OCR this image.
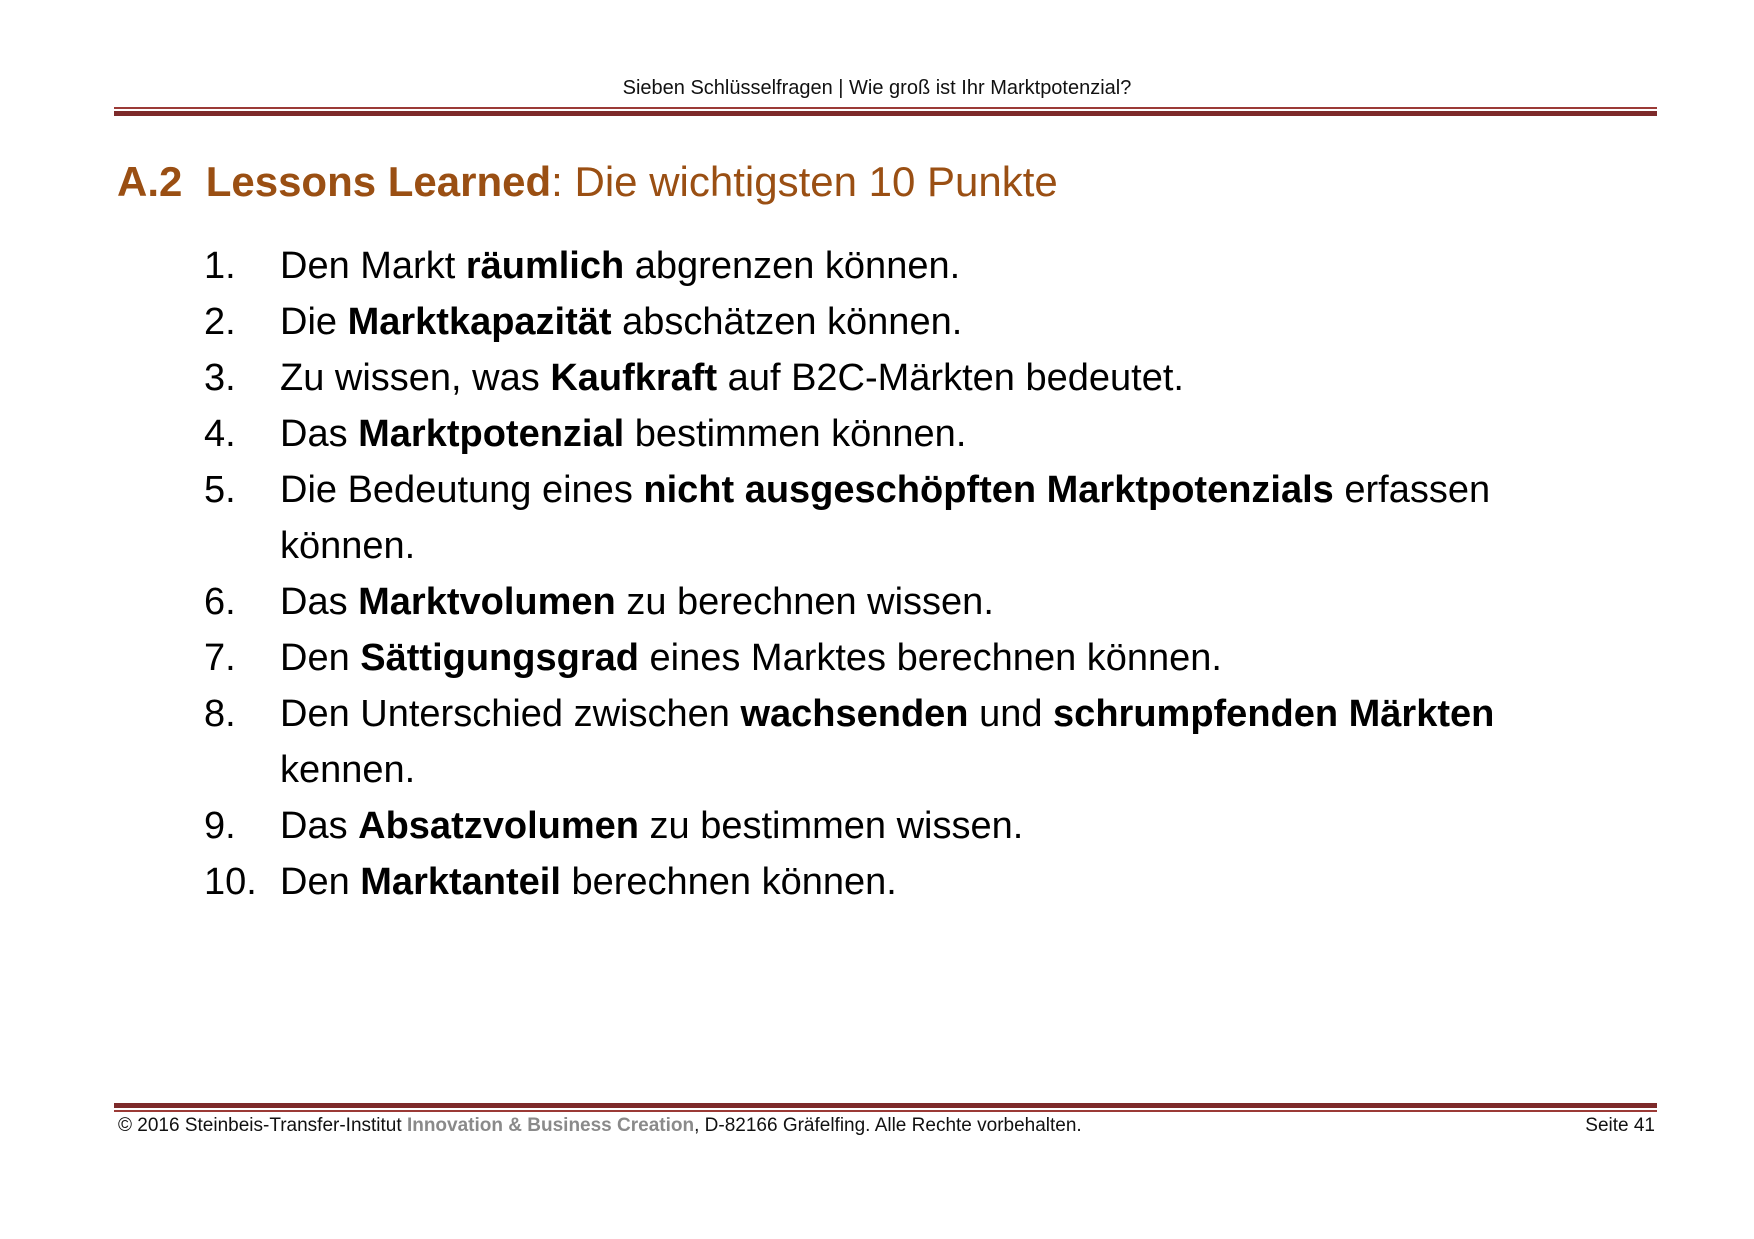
Sieben Schlüsselfragen | Wie groß ist Ihr Marktpotenzial?
A.2 Lessons Learned: Die wichtigsten 10 Punkte
1.	Den Markt räumlich abgrenzen können.
2.	Die Marktkapazität abschätzen können.
3.	Zu wissen, was Kaufkraft auf B2C-Märkten bedeutet.
4.	Das Marktpotenzial bestimmen können.
5.	Die Bedeutung eines nicht ausgeschöpften Marktpotenzials erfassen können.
6.	Das Marktvolumen zu berechnen wissen.
7.	Den Sättigungsgrad eines Marktes berechnen können.
8.	Den Unterschied zwischen wachsenden und schrumpfenden Märkten kennen.
9.	Das Absatzvolumen zu bestimmen wissen.
10. Den Marktanteil berechnen können.
© 2016 Steinbeis-Transfer-Institut Innovation & Business Creation, D-82166 Gräfelfing. Alle Rechte vorbehalten.	Seite 41
